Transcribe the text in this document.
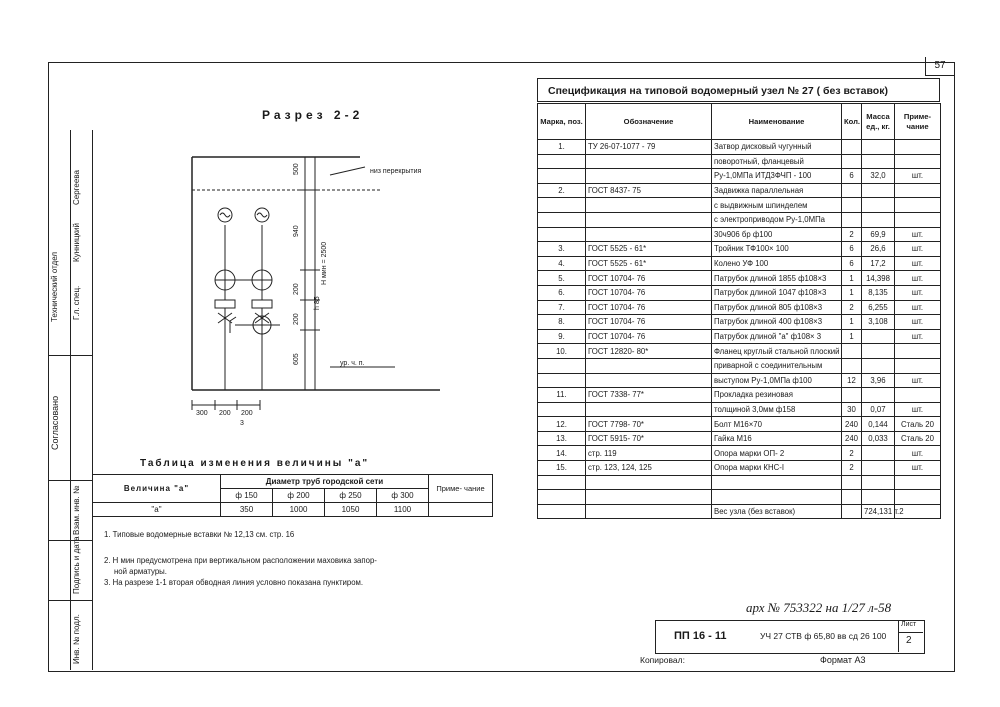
57
Технический отдел Г.л. спец.
Кунницкий
Сергеева
Согласовано
Взам. инв. №
Подпись и дата
Инв. № подл.
Разрез 2-2
низ перекрытия
ур. ч. п.
500
940
200
200
605
H мин = 2500
h 85
300 200 200
3
Таблица изменения величины "а"
Величина "а"	Диаметр труб городской сети				Приме- чание
	ф 150	ф 200	ф 250	ф 300	
"а"	350	1000	1050	1100	
1. Типовые водомерные вставки № 12,13 см. стр. 16
2. Н мин предусмотрена при вертикальном расположении маховика запор-
ной арматуры.
3. На разрезе 1-1 вторая обводная линия условно показана пунктиром.
Спецификация на типовой водомерный узел № 27 ( без вставок)
Марка, поз.	Обозначение	Наименование	Кол.	Масса ед., кг.	Приме- чание
1.	ТУ 26-07-1077 - 79	Затвор дисковый чугунный			
		поворотный, фланцевый			
		Pу-1,0МПа ИТД3ФЧП - 100	6	32,0	шт.
2.	ГОСТ 8437- 75	Задвижка параллельная			
		с выдвижным шпинделем			
		с электроприводом Pу-1,0МПа			
		30ч906 бр ф100	2	69,9	шт.
3.	ГОСТ 5525 - 61*	Тройник ТФ100× 100	6	26,6	шт.
4.	ГОСТ 5525 - 61*	Колено УФ 100	6	17,2	шт.
5.	ГОСТ 10704- 76	Патрубок длиной 1855 ф108×3	1	14,398	шт.
6.	ГОСТ 10704- 76	Патрубок длиной 1047 ф108×3	1	8,135	шт.
7.	ГОСТ 10704- 76	Патрубок длиной 805 ф108×3	2	6,255	шт.
8.	ГОСТ 10704- 76	Патрубок длиной 400 ф108×3	1	3,108	шт.
9.	ГОСТ 10704- 76	Патрубок длиной "а" ф108× 3	1		шт.
10.	ГОСТ 12820- 80*	Фланец круглый стальной плоский			
		приварной с соединительным			
		выступом Pу-1,0МПа ф100	12	3,96	шт.
11.	ГОСТ 7338- 77*	Прокладка резиновая			
		толщиной 3,0мм ф158	30	0,07	шт.
12.	ГОСТ 7798- 70*	Болт М16×70	240	0,144	Сталь 20
13.	ГОСТ 5915- 70*	Гайка М16	240	0,033	Сталь 20
14.	стр. 119	Опора марки ОП- 2	2		шт.
15.	стр. 123, 124, 125	Опора марки КНС-I	2		шт.

		Вес узла (без вставок)		724,131 т.2	
арх № 753322 на 1/27 л-58
ПП 16 - 11	УЧ 27 СТВ ф 65,80 вв сд 26 100
Лист
2
Копировал:	Формат А3
